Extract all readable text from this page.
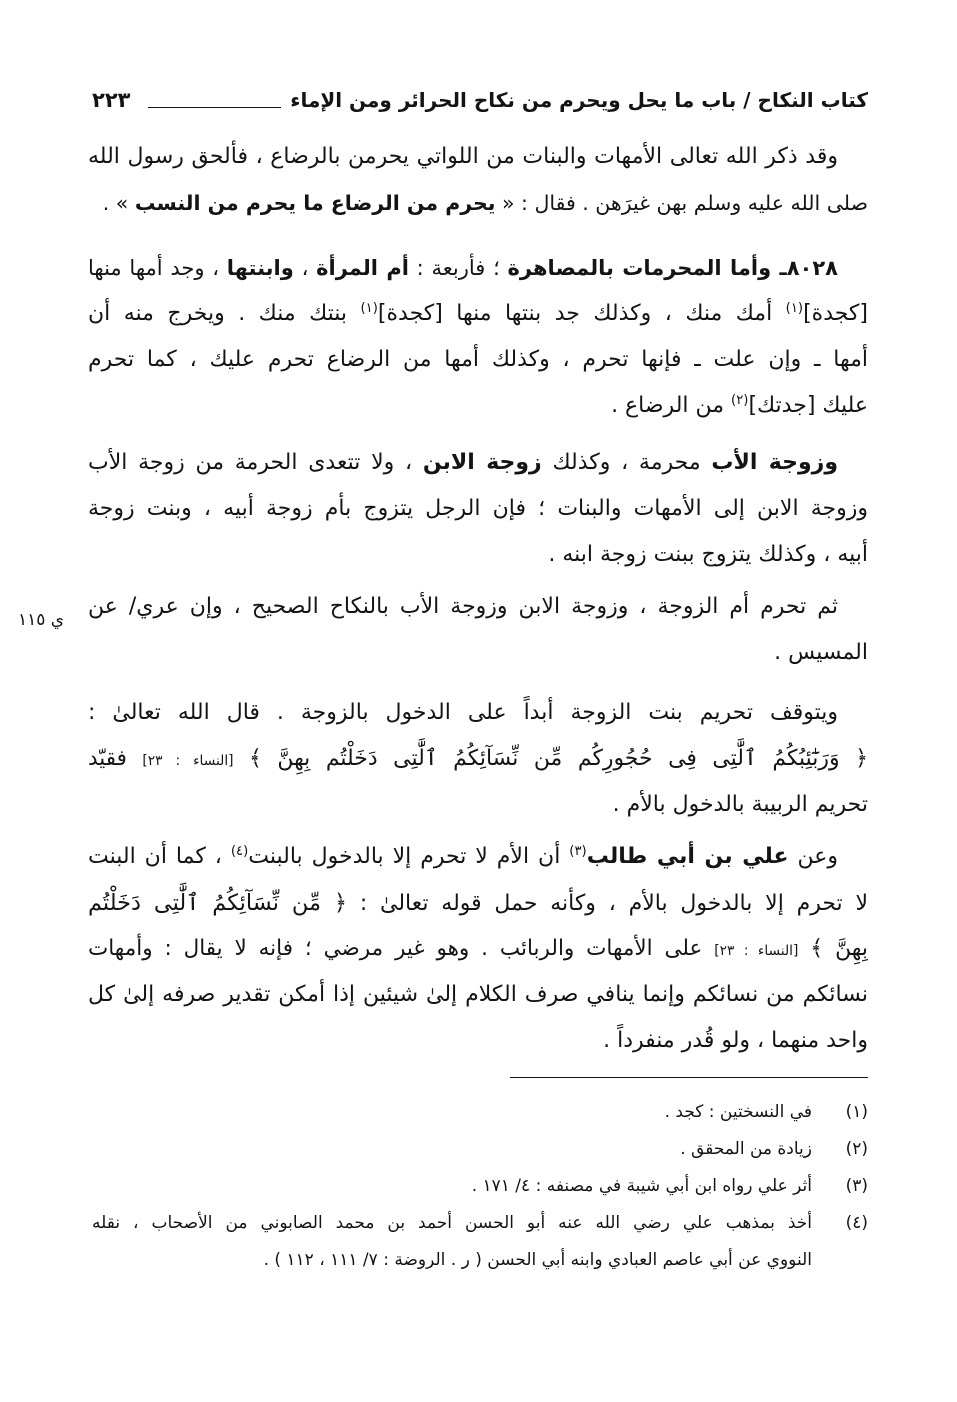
كتاب النكاح / باب ما يحل ويحرم من نكاح الحرائر ومن الإماء
٢٢٣
وقد ذكر الله تعالى الأمهات والبنات من اللواتي يحرمن بالرضاع ، فألحق رسول الله
صلى الله عليه وسلم بهن غيرَهن . فقال : « يحرم من الرضاع ما يحرم من النسب » .
٨٠٢٨ـ وأما المحرمات بالمصاهرة ؛ فأربعة : أم المرأة ، وابنتها ، وجد أمها منها
[كجدة]$^{(١)}$ أمك منك ، وكذلك جد بنتها منها [كجدة]$^{(١)}$ بنتك منك . ويخرج منه أن
أمها ـ وإن علت ـ فإنها تحرم ، وكذلك أمها من الرضاع تحرم عليك ، كما تحرم
عليك [جدتك]$^{(٢)}$ من الرضاع .
وزوجة الأب محرمة ، وكذلك زوجة الابن ، ولا تتعدى الحرمة من زوجة الأب
وزوجة الابن إلى الأمهات والبنات ؛ فإن الرجل يتزوج بأم زوجة أبيه ، وبنت زوجة
أبيه ، وكذلك يتزوج ببنت زوجة ابنه .
ثم تحرم أم الزوجة ، وزوجة الابن وزوجة الأب بالنكاح الصحيح ، وإن عري/ عن
المسيس .
ويتوقف تحريم بنت الزوجة أبداً على الدخول بالزوجة . قال الله تعالىٰ :
﴿ وَرَبَٰٓئِبُكُمُ ٱلَّٰتِى فِى حُجُورِكُم مِّن نِّسَآئِكُمُ ٱلَّٰتِى دَخَلْتُم بِهِنَّ ﴾ [النساء : ٢٣] فقيّد
تحريم الربيبة بالدخول بالأم .
وعن علي بن أبي طالب$^{(٣)}$ أن الأم لا تحرم إلا بالدخول بالبنت$^{(٤)}$ ، كما أن البنت
لا تحرم إلا بالدخول بالأم ، وكأنه حمل قوله تعالىٰ : ﴿ مِّن نِّسَآئِكُمُ ٱلَّٰتِى دَخَلْتُم
بِهِنَّ ﴾ [النساء : ٢٣] على الأمهات والربائب . وهو غير مرضي ؛ فإنه لا يقال : وأمهات
نسائكم من نسائكم وإنما ينافي صرف الكلام إلىٰ شيئين إذا أمكن تقدير صرفه إلىٰ كل
واحد منهما ، ولو قُدر منفرداً .
١١٥ ي
(١)
في النسختين : كجد .
(٢)
زيادة من المحقق .
(٣)
أثر علي رواه ابن أبي شيبة في مصنفه : ٤/ ١٧١ .
(٤)
أخذ بمذهب علي رضي الله عنه أبو الحسن أحمد بن محمد الصابوني من الأصحاب ، نقله
النووي عن أبي عاصم العبادي وابنه أبي الحسن ( ر . الروضة : ٧/ ١١١ ، ١١٢ ) .
